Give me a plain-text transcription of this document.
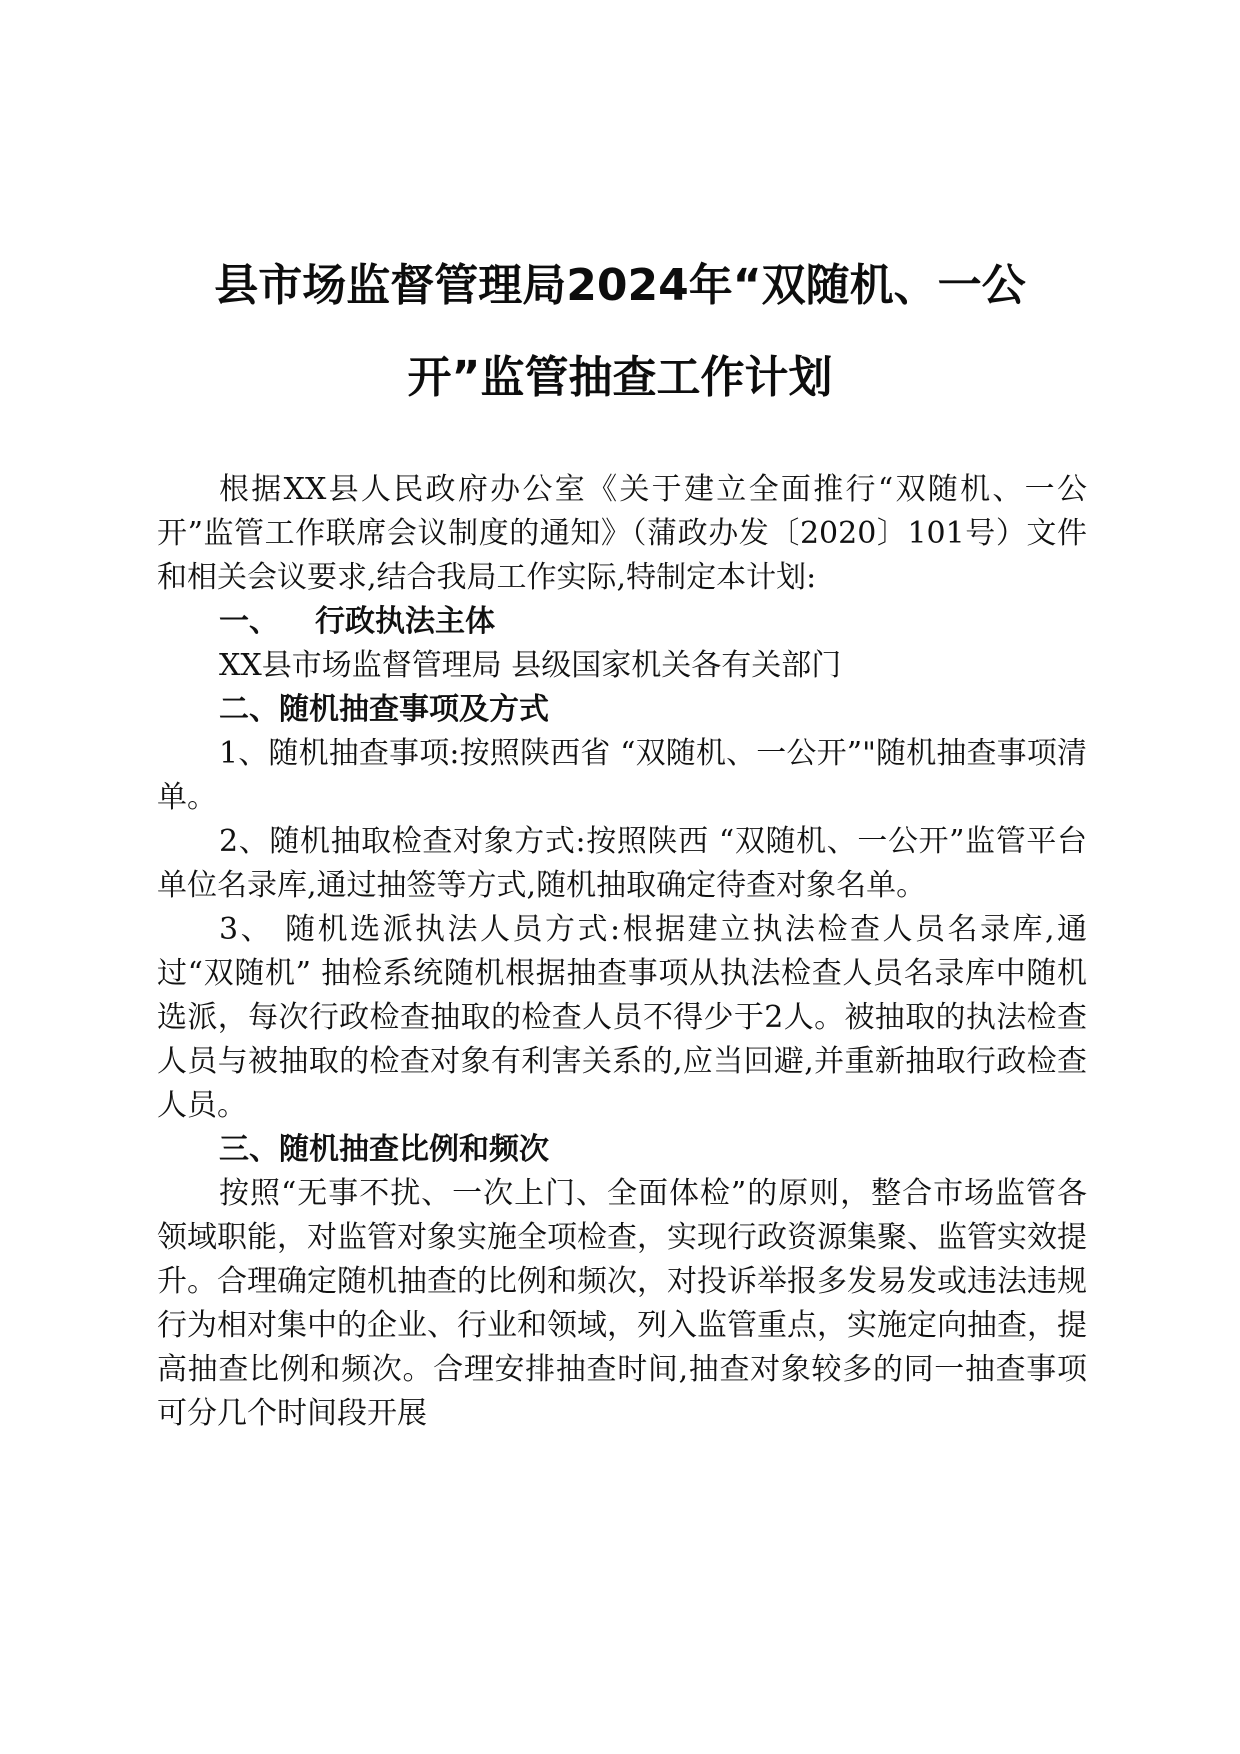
县市场监督管理局2024年“双随机、一公
开”监管抽查工作计划

根据XX县人民政府办公室《关于建立全面推行“双随机、一公开”监管工作联席会议制度的通知》（蒲政办发〔2020〕101号）文件和相关会议要求,结合我局工作实际,特制定本计划:

一、 行政执法主体

XX县市场监督管理局 县级国家机关各有关部门

二、随机抽查事项及方式

1、随机抽查事项:按照陕西省 “双随机、一公开”"随机抽查事项清单。

2、随机抽取检查对象方式:按照陕西 “双随机、一公开”监管平台单位名录库,通过抽签等方式,随机抽取确定待查对象名单。

3、 随机选派执法人员方式:根据建立执法检查人员名录库,通过“双随机” 抽检系统随机根据抽查事项从执法检查人员名录库中随机选派，每次行政检查抽取的检查人员不得少于2人。被抽取的执法检查人员与被抽取的检查对象有利害关系的,应当回避,并重新抽取行政检查人员。

三、随机抽查比例和频次

按照“无事不扰、一次上门、全面体检”的原则，整合市场监管各领域职能，对监管对象实施全项检查，实现行政资源集聚、监管实效提升。合理确定随机抽查的比例和频次，对投诉举报多发易发或违法违规行为相对集中的企业、行业和领域，列入监管重点，实施定向抽查，提高抽查比例和频次。合理安排抽查时间,抽查对象较多的同一抽查事项可分几个时间段开展
